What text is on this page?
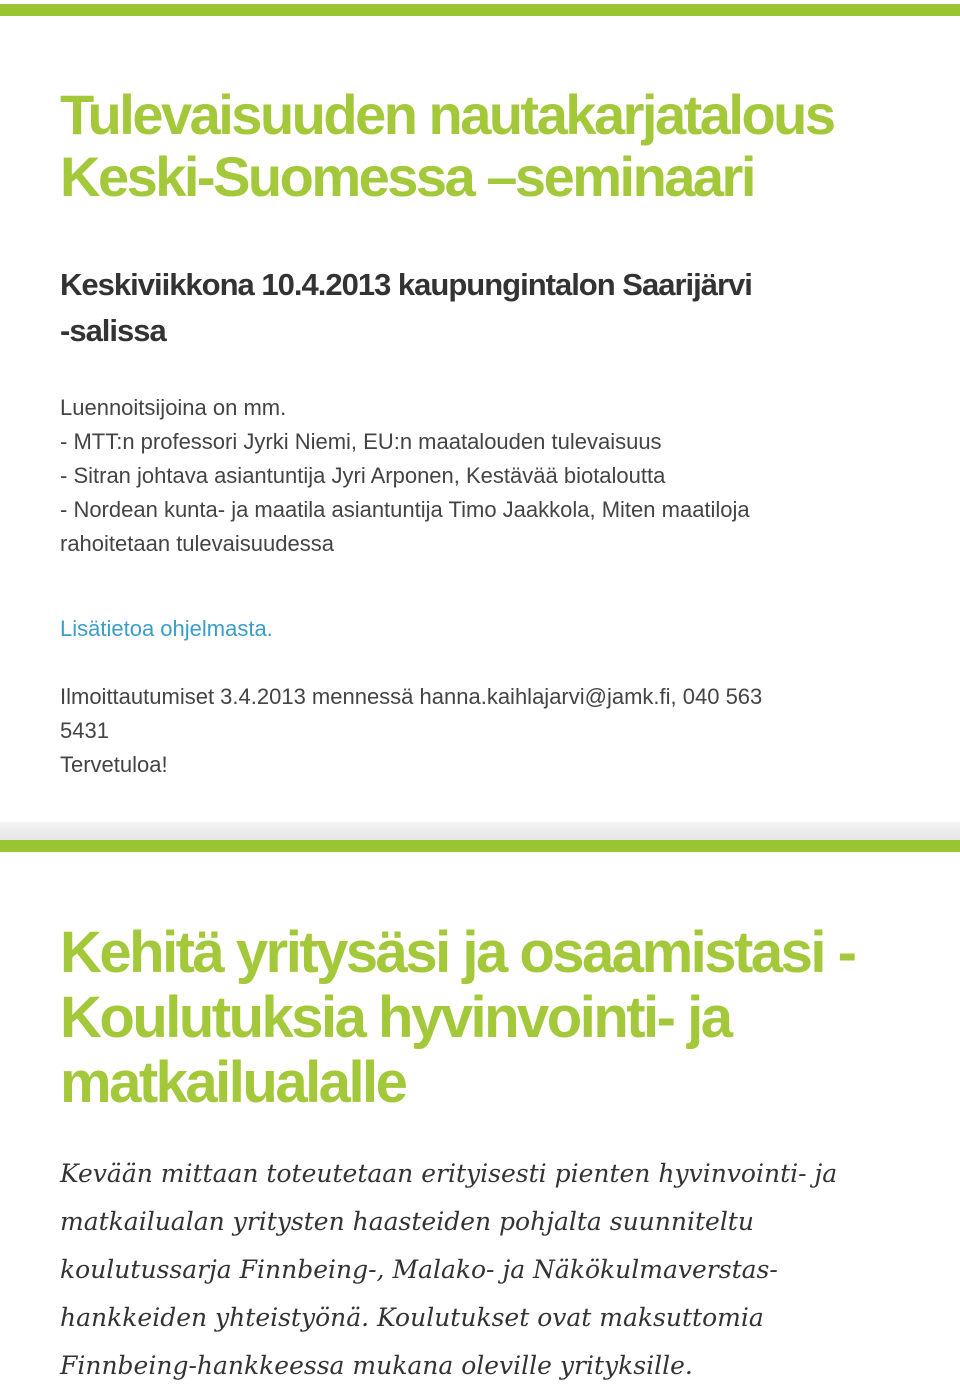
Tulevaisuuden nautakarjatalous
Keski-Suomessa –seminaari
Keskiviikkona 10.4.2013 kaupungintalon Saarijärvi
-salissa

Luennoitsijoina on mm.

- MTT:n professori Jyrki Niemi, EU:n maatalouden tulevaisuus

- Sitran johtava asiantuntija Jyri Arponen, Kestävää biotaloutta

- Nordean kunta- ja maatila asiantuntija Timo Jaakkola, Miten maatiloja

rahoitetaan tulevaisuudessa

Lisätietoa ohjelmasta.

Ilmoittautumiset 3.4.2013 mennessä hanna.kaihlajarvi@jamk.fi, 040 563

5431

Tervetuloa!

Kehitä yritysäsi ja osaamistasi -
Koulutuksia hyvinvointi- ja
matkailualalle

Kevään mittaan toteutetaan erityisesti pienten hyvinvointi- ja
matkailualan yritysten haasteiden pohjalta suunniteltu
koulutussarja Finnbeing-, Malako- ja Näkökulmaverstas-
hankkeiden yhteistyönä. Koulutukset ovat maksuttomia
Finnbeing-hankkeessa mukana oleville yrityksille.
